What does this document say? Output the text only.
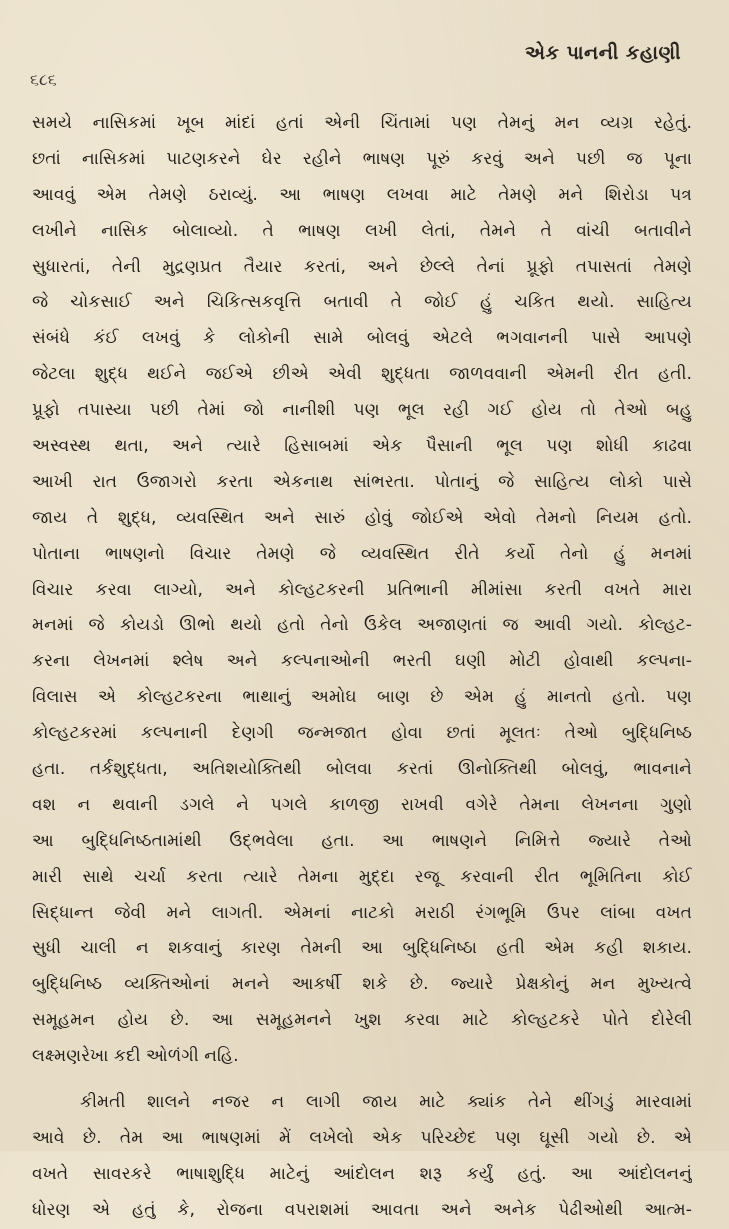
એક પાનની કહાણી
૬૮૬
સમયે નાસિકમાં ખૂબ માંદાં હતાં એની ચિંતામાં પણ તેમનું મન વ્યગ્ર રહેતું.
છતાં નાસિકમાં પાટણકરને ઘેર રહીને ભાષણ પૂરું કરવું અને પછી જ પૂના
આવવું એમ તેમણે ઠરાવ્યું. આ ભાષણ લખવા માટે તેમણે મને શિરોડા પત્ર
લખીને નાસિક બોલાવ્યો. તે ભાષણ લખી લેતાં, તેમને તે વાંચી બતાવીને
સુધારતાં, તેની મુદ્રણપ્રત તૈયાર કરતાં, અને છેલ્લે તેનાં પ્રૂફો તપાસતાં તેમણે
જે ચોકસાઈ અને ચિકિત્સકવૃત્તિ બતાવી તે જોઈ હું ચકિત થયો. સાહિત્ય
સંબંધે કંઈ લખવું કે લોકોની સામે બોલવું એટલે ભગવાનની પાસે આપણે
જેટલા શુદ્ધ થઈને જઈએ છીએ એવી શુદ્ધતા જાળવવાની એમની રીત હતી.
પ્રૂફો તપાસ્યા પછી તેમાં જો નાનીશી પણ ભૂલ રહી ગઈ હોય તો તેઓ બહુ
અસ્વસ્થ થતા, અને ત્યારે હિસાબમાં એક પૈસાની ભૂલ પણ શોધી કાઢવા
આખી રાત ઉજાગરો કરતા એકનાથ સાંભરતા. પોતાનું જે સાહિત્ય લોકો પાસે
જાય તે શુદ્ધ, વ્યવસ્થિત અને સારું હોવું જોઈએ એવો તેમનો નિયમ હતો.
પોતાના ભાષણનો વિચાર તેમણે જે વ્યવસ્થિત રીતે કર્યો તેનો હું મનમાં
વિચાર કરવા લાગ્યો, અને કોલ્હટકરની પ્રતિભાની મીમાંસા કરતી વખતે મારા
મનમાં જે કોયડો ઊભો થયો હતો તેનો ઉકેલ અજાણતાં જ આવી ગયો. કોલ્હટ-
કરના લેખનમાં શ્લેષ અને કલ્પનાઓની ભરતી ઘણી મોટી હોવાથી કલ્પના-
વિલાસ એ કોલ્હટકરના ભાથાનું અમોઘ બાણ છે એમ હું માનતો હતો. પણ
કોલ્હટકરમાં કલ્પનાની દેણગી જન્મજાત હોવા છતાં મૂલતઃ તેઓ બુદ્ધિનિષ્ઠ
હતા. તર્કશુદ્ધતા, અતિશયોક્તિથી બોલવા કરતાં ઊનોક્તિથી બોલવું, ભાવનાને
વશ ન થવાની ડગલે ને પગલે કાળજી રાખવી વગેરે તેમના લેખનના ગુણો
આ બુદ્ધિનિષ્ઠતામાંથી ઉદ્ભવેલા હતા. આ ભાષણને નિમિત્તે જ્યારે તેઓ
મારી સાથે ચર્ચા કરતા ત્યારે તેમના મુદ્દા રજૂ કરવાની રીત ભૂમિતિના કોઈ
સિદ્ધાન્ત જેવી મને લાગતી. એમનાં નાટકો મરાઠી રંગભૂમિ ઉપર લાંબા વખત
સુધી ચાલી ન શકવાનું કારણ તેમની આ બુદ્ધિનિષ્ઠા હતી એમ કહી શકાય.
બુદ્ધિનિષ્ઠ વ્યક્તિઓનાં મનને આકર્ષી શકે છે. જ્યારે પ્રેક્ષકોનું મન મુખ્યત્વે
સમૂહમન હોય છે. આ સમૂહમનને ખુશ કરવા માટે કોલ્હટકરે પોતે દોરેલી
લક્ષ્મણરેખા કદી ઓળંગી નહિ.
કીમતી શાલને નજર ન લાગી જાય માટે ક્યાંક તેને થીંગડું મારવામાં
આવે છે. તેમ આ ભાષણમાં મેં લખેલો એક પરિચ્છેદ પણ ઘૂસી ગયો છે. એ
વખતે સાવરકરે ભાષાશુદ્ધિ માટેનું આંદોલન શરૂ કર્યું હતું. આ આંદોલનનું
ધોરણ એ હતું કે, રોજના વપરાશમાં આવતા અને અનેક પેઢીઓથી આત્મ-
